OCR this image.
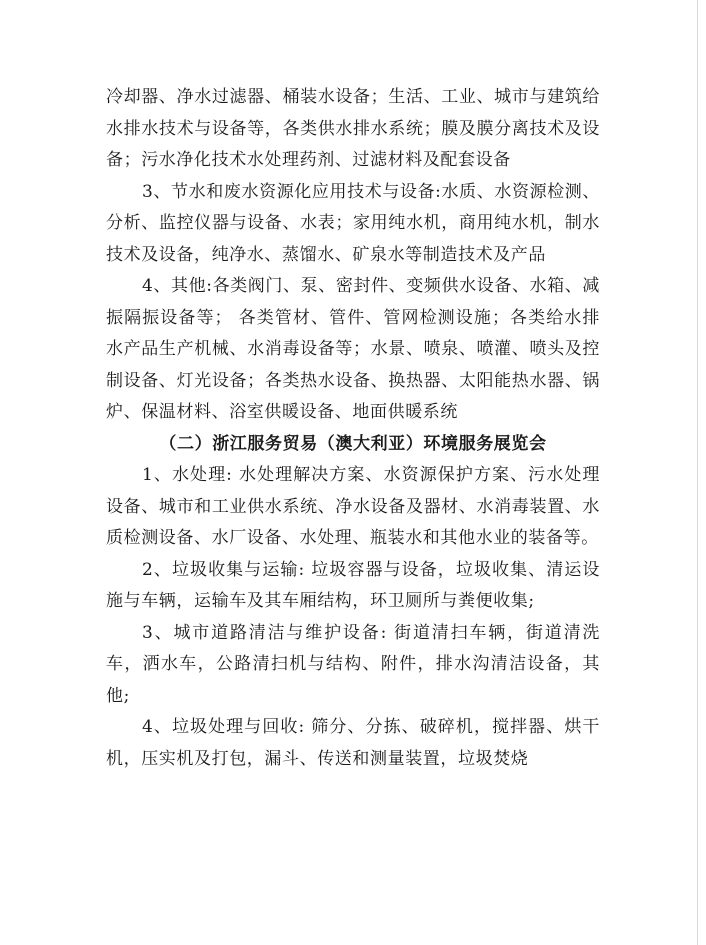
冷却器、净水过滤器、桶装水设备；生活、工业、城市与建筑给水排水技术与设备等，各类供水排水系统；膜及膜分离技术及设备；污水净化技术水处理药剂、过滤材料及配套设备

3、节水和废水资源化应用技术与设备:水质、水资源检测、分析、监控仪器与设备、水表；家用纯水机，商用纯水机，制水技术及设备，纯净水、蒸馏水、矿泉水等制造技术及产品

4、其他:各类阀门、泵、密封件、变频供水设备、水箱、减振隔振设备等； 各类管材、管件、管网检测设施；各类给水排水产品生产机械、水消毒设备等；水景、喷泉、喷灌、喷头及控制设备、灯光设备；各类热水设备、换热器、太阳能热水器、锅炉、保温材料、浴室供暖设备、地面供暖系统

（二）浙江服务贸易（澳大利亚）环境服务展览会

1、水处理: 水处理解决方案、水资源保护方案、污水处理设备、城市和工业供水系统、净水设备及器材、水消毒装置、水质检测设备、水厂设备、水处理、瓶装水和其他水业的装备等。

2、垃圾收集与运输: 垃圾容器与设备，垃圾收集、清运设施与车辆，运输车及其车厢结构，环卫厕所与粪便收集;

3、城市道路清洁与维护设备: 街道清扫车辆，街道清洗车，洒水车，公路清扫机与结构、附件，排水沟清洁设备，其他;

4、垃圾处理与回收: 筛分、分拣、破碎机，搅拌器、烘干机，压实机及打包，漏斗、传送和测量装置，垃圾焚烧
